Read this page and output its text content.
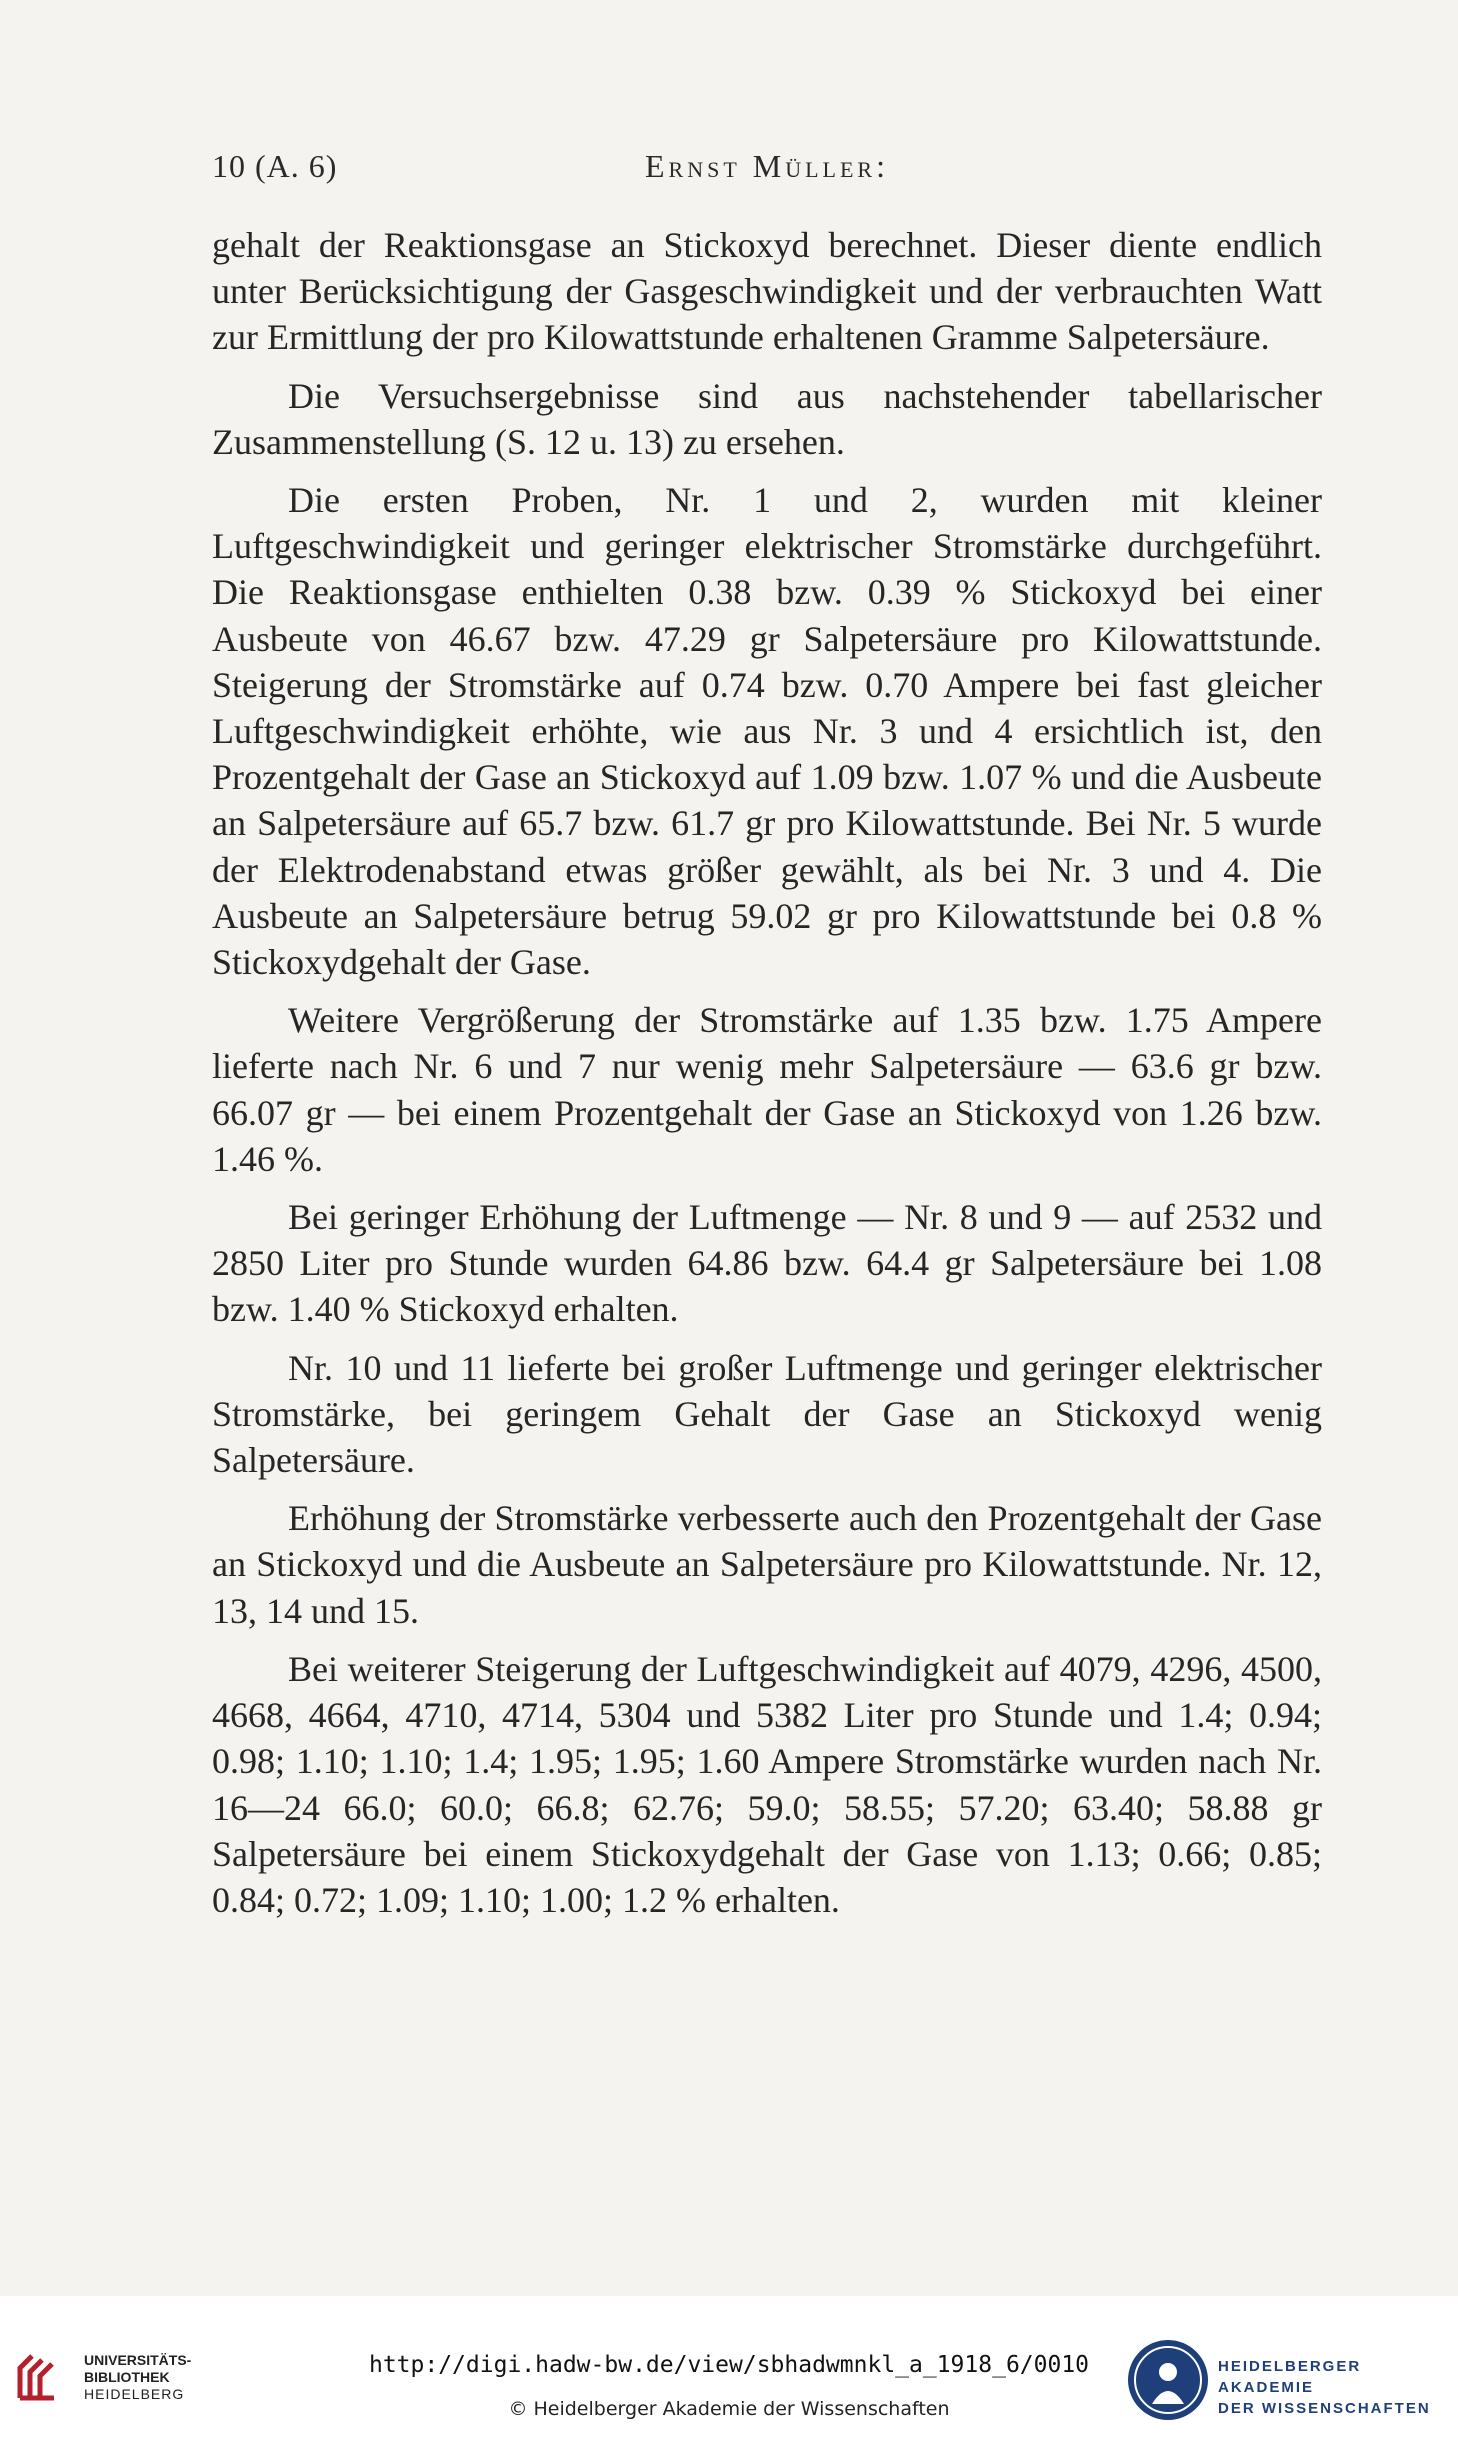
10 (A. 6)	Ernst Müller:

gehalt der Reaktionsgase an Stickoxyd berechnet. Dieser diente endlich unter Berücksichtigung der Gasgeschwindigkeit und der verbrauchten Watt zur Ermittlung der pro Kilowattstunde erhaltenen Gramme Salpetersäure.

Die Versuchsergebnisse sind aus nachstehender tabellarischer Zusammenstellung (S. 12 u. 13) zu ersehen.

Die ersten Proben, Nr. 1 und 2, wurden mit kleiner Luftgeschwindigkeit und geringer elektrischer Stromstärke durchgeführt. Die Reaktionsgase enthielten 0.38 bzw. 0.39 % Stickoxyd bei einer Ausbeute von 46.67 bzw. 47.29 gr Salpetersäure pro Kilowattstunde. Steigerung der Stromstärke auf 0.74 bzw. 0.70 Ampere bei fast gleicher Luftgeschwindigkeit erhöhte, wie aus Nr. 3 und 4 ersichtlich ist, den Prozentgehalt der Gase an Stickoxyd auf 1.09 bzw. 1.07 % und die Ausbeute an Salpetersäure auf 65.7 bzw. 61.7 gr pro Kilowattstunde. Bei Nr. 5 wurde der Elektrodenabstand etwas größer gewählt, als bei Nr. 3 und 4. Die Ausbeute an Salpetersäure betrug 59.02 gr pro Kilowattstunde bei 0.8 % Stickoxydgehalt der Gase.

Weitere Vergrößerung der Stromstärke auf 1.35 bzw. 1.75 Ampere lieferte nach Nr. 6 und 7 nur wenig mehr Salpetersäure — 63.6 gr bzw. 66.07 gr — bei einem Prozentgehalt der Gase an Stickoxyd von 1.26 bzw. 1.46 %.

Bei geringer Erhöhung der Luftmenge — Nr. 8 und 9 — auf 2532 und 2850 Liter pro Stunde wurden 64.86 bzw. 64.4 gr Salpetersäure bei 1.08 bzw. 1.40 % Stickoxyd erhalten.

Nr. 10 und 11 lieferte bei großer Luftmenge und geringer elektrischer Stromstärke, bei geringem Gehalt der Gase an Stickoxyd wenig Salpetersäure.

Erhöhung der Stromstärke verbesserte auch den Prozentgehalt der Gase an Stickoxyd und die Ausbeute an Salpetersäure pro Kilowattstunde. Nr. 12, 13, 14 und 15.

Bei weiterer Steigerung der Luftgeschwindigkeit auf 4079, 4296, 4500, 4668, 4664, 4710, 4714, 5304 und 5382 Liter pro Stunde und 1.4; 0.94; 0.98; 1.10; 1.10; 1.4; 1.95; 1.95; 1.60 Ampere Stromstärke wurden nach Nr. 16—24 66.0; 60.0; 66.8; 62.76; 59.0; 58.55; 57.20; 63.40; 58.88 gr Salpetersäure bei einem Stickoxydgehalt der Gase von 1.13; 0.66; 0.85; 0.84; 0.72; 1.09; 1.10; 1.00; 1.2 % erhalten.

UNIVERSITÄTS-
BIBLIOTHEK
HEIDELBERG
http://digi.hadw-bw.de/view/sbhadwmnkl_a_1918_6/0010
© Heidelberger Akademie der Wissenschaften
HEIDELBERGER AKADEMIE
DER WISSENSCHAFTEN
